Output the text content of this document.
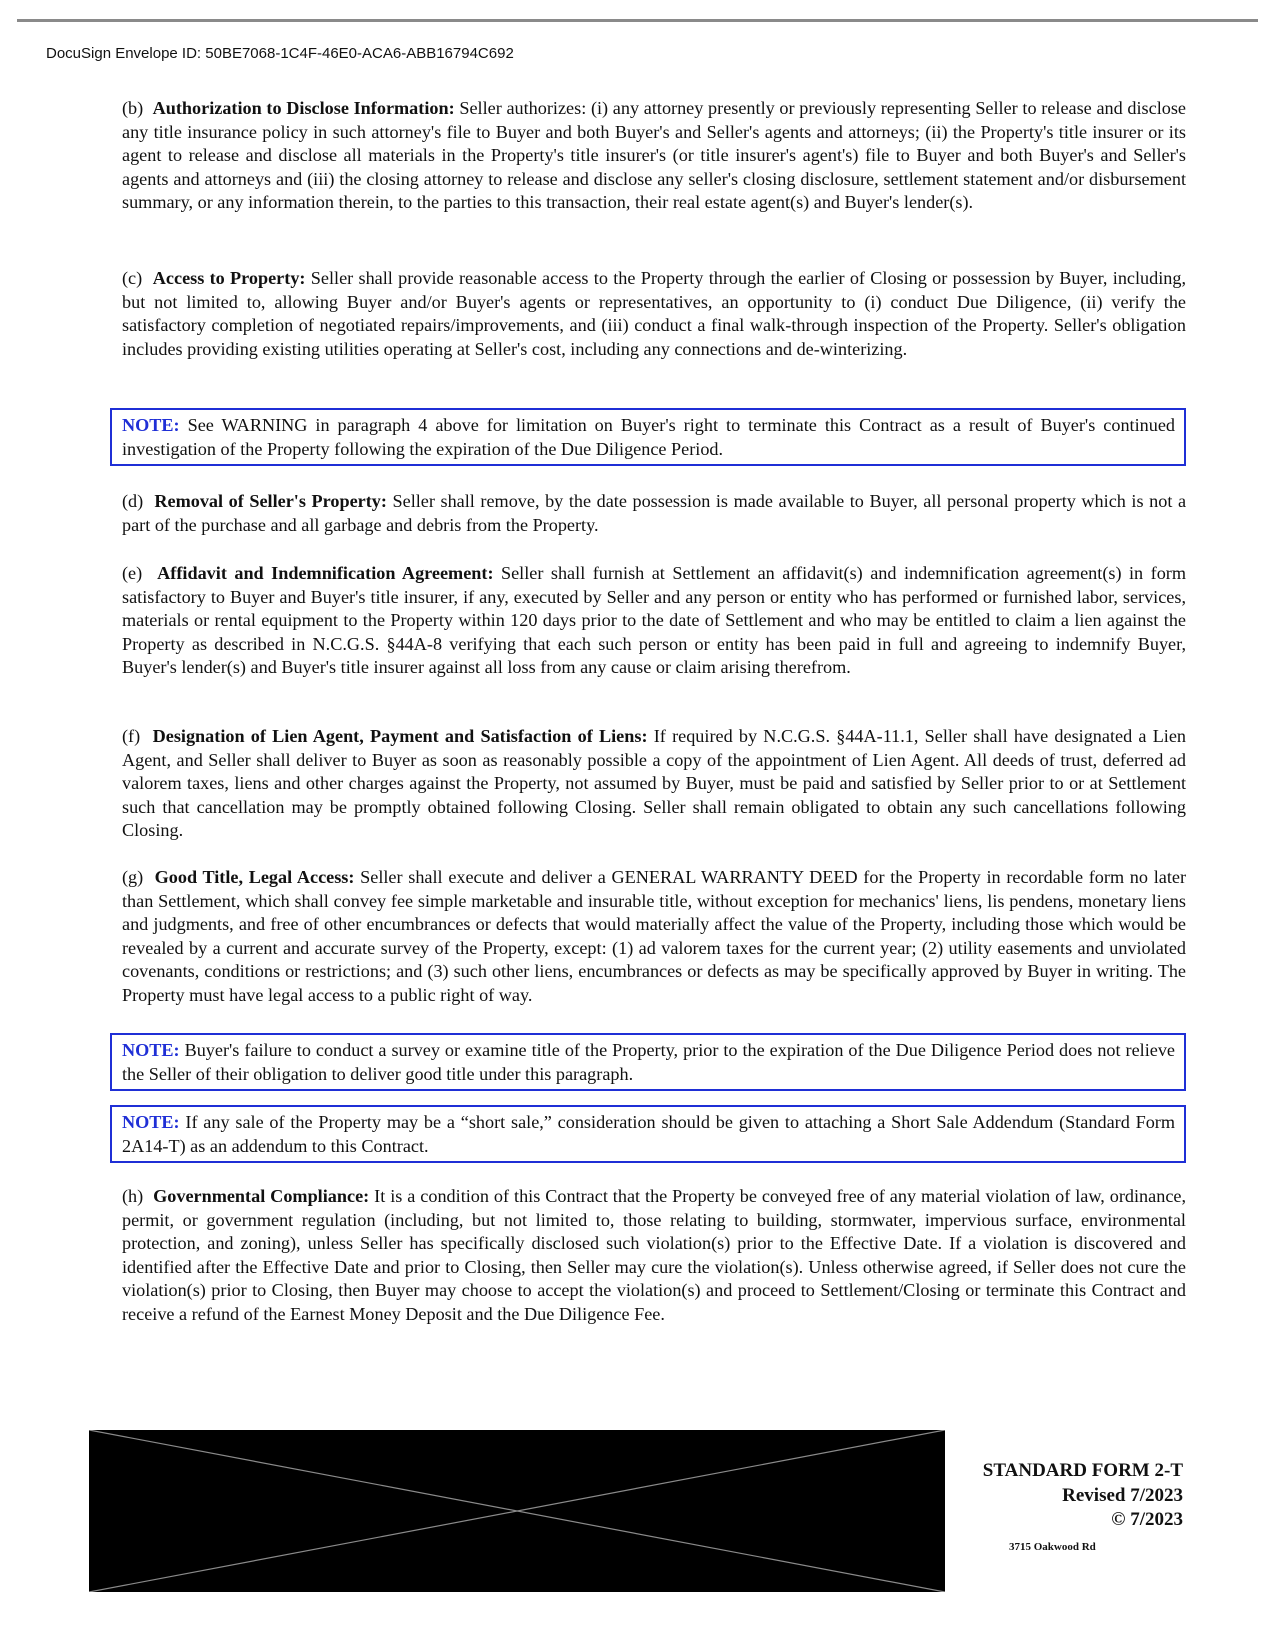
DocuSign Envelope ID: 50BE7068-1C4F-46E0-ACA6-ABB16794C692

(b) Authorization to Disclose Information: Seller authorizes: (i) any attorney presently or previously representing Seller to release and disclose any title insurance policy in such attorney's file to Buyer and both Buyer's and Seller's agents and attorneys; (ii) the Property's title insurer or its agent to release and disclose all materials in the Property's title insurer's (or title insurer's agent's) file to Buyer and both Buyer's and Seller's agents and attorneys and (iii) the closing attorney to release and disclose any seller's closing disclosure, settlement statement and/or disbursement summary, or any information therein, to the parties to this transaction, their real estate agent(s) and Buyer's lender(s).

(c) Access to Property: Seller shall provide reasonable access to the Property through the earlier of Closing or possession by Buyer, including, but not limited to, allowing Buyer and/or Buyer's agents or representatives, an opportunity to (i) conduct Due Diligence, (ii) verify the satisfactory completion of negotiated repairs/improvements, and (iii) conduct a final walk-through inspection of the Property. Seller's obligation includes providing existing utilities operating at Seller's cost, including any connections and de-winterizing.

NOTE: See WARNING in paragraph 4 above for limitation on Buyer's right to terminate this Contract as a result of Buyer's continued investigation of the Property following the expiration of the Due Diligence Period.

(d) Removal of Seller's Property: Seller shall remove, by the date possession is made available to Buyer, all personal property which is not a part of the purchase and all garbage and debris from the Property.

(e) Affidavit and Indemnification Agreement: Seller shall furnish at Settlement an affidavit(s) and indemnification agreement(s) in form satisfactory to Buyer and Buyer's title insurer, if any, executed by Seller and any person or entity who has performed or furnished labor, services, materials or rental equipment to the Property within 120 days prior to the date of Settlement and who may be entitled to claim a lien against the Property as described in N.C.G.S. §44A-8 verifying that each such person or entity has been paid in full and agreeing to indemnify Buyer, Buyer's lender(s) and Buyer's title insurer against all loss from any cause or claim arising therefrom.

(f) Designation of Lien Agent, Payment and Satisfaction of Liens: If required by N.C.G.S. §44A-11.1, Seller shall have designated a Lien Agent, and Seller shall deliver to Buyer as soon as reasonably possible a copy of the appointment of Lien Agent. All deeds of trust, deferred ad valorem taxes, liens and other charges against the Property, not assumed by Buyer, must be paid and satisfied by Seller prior to or at Settlement such that cancellation may be promptly obtained following Closing. Seller shall remain obligated to obtain any such cancellations following Closing.

(g) Good Title, Legal Access: Seller shall execute and deliver a GENERAL WARRANTY DEED for the Property in recordable form no later than Settlement, which shall convey fee simple marketable and insurable title, without exception for mechanics' liens, lis pendens, monetary liens and judgments, and free of other encumbrances or defects that would materially affect the value of the Property, including those which would be revealed by a current and accurate survey of the Property, except: (1) ad valorem taxes for the current year; (2) utility easements and unviolated covenants, conditions or restrictions; and (3) such other liens, encumbrances or defects as may be specifically approved by Buyer in writing. The Property must have legal access to a public right of way.

NOTE: Buyer's failure to conduct a survey or examine title of the Property, prior to the expiration of the Due Diligence Period does not relieve the Seller of their obligation to deliver good title under this paragraph.
NOTE: If any sale of the Property may be a “short sale,” consideration should be given to attaching a Short Sale Addendum (Standard Form 2A14-T) as an addendum to this Contract.

(h) Governmental Compliance: It is a condition of this Contract that the Property be conveyed free of any material violation of law, ordinance, permit, or government regulation (including, but not limited to, those relating to building, stormwater, impervious surface, environmental protection, and zoning), unless Seller has specifically disclosed such violation(s) prior to the Effective Date. If a violation is discovered and identified after the Effective Date and prior to Closing, then Seller may cure the violation(s). Unless otherwise agreed, if Seller does not cure the violation(s) prior to Closing, then Buyer may choose to accept the violation(s) and proceed to Settlement/Closing or terminate this Contract and receive a refund of the Earnest Money Deposit and the Due Diligence Fee.

STANDARD FORM 2-T
Revised 7/2023
© 7/2023
3715 Oakwood Rd
